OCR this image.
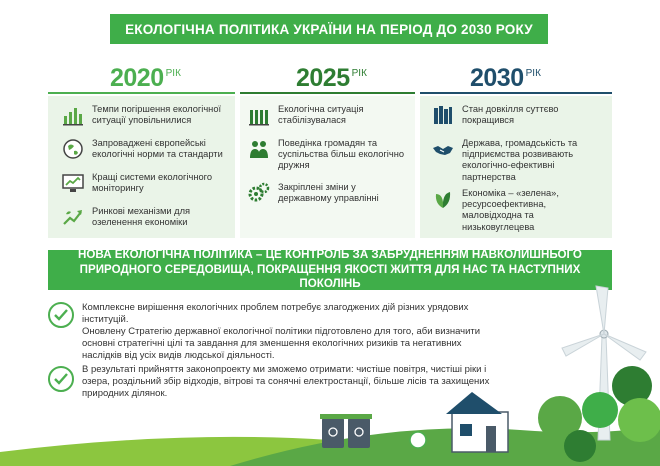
ЕКОЛОГІЧНА ПОЛІТИКА УКРАЇНИ НА ПЕРІОД ДО 2030 РОКУ
2020 РІК	2025 РІК	2030 РІК
Темпи погіршення екологічної ситуації уповільнилися
Запроваджені європейські екологічні норми та стандарти
Кращі системи екологічного моніторингу
Ринкові механізми для озеленення економіки
Екологічна ситуація стабілізувалася
Поведінка громадян та суспільства більш екологічно дружня
Закріплені зміни у державному управлінні
Стан довкілля суттєво покращився
Держава, громадськість та підприємства розвивають екологічно-ефективні партнерства
Економіка – «зелена», ресурсоефективна, маловідходна та низьковуглецева
НОВА ЕКОЛОГІЧНА ПОЛІТИКА – ЦЕ КОНТРОЛЬ ЗА ЗАБРУДНЕННЯМ НАВКОЛИШНЬОГО ПРИРОДНОГО СЕРЕДОВИЩА, ПОКРАЩЕННЯ ЯКОСТІ ЖИТТЯ ДЛЯ НАС ТА НАСТУПНИХ ПОКОЛІНЬ
Комплексне вирішення екологічних проблем потребує злагоджених дій різних урядових інституцій.
Оновлену Стратегію державної екологічної політики підготовлено для того, аби визначити основні стратегічні цілі та завдання для зменшення екологічних ризиків та негативних наслідків від усіх видів людської діяльності.
В результаті прийняття законопроекту ми зможемо отримати: чистіше повітря, чистіші ріки і озера, роздільний збір відходів, вітрові та сонячні електростанції, більше лісів та захищених природних ділянок.
